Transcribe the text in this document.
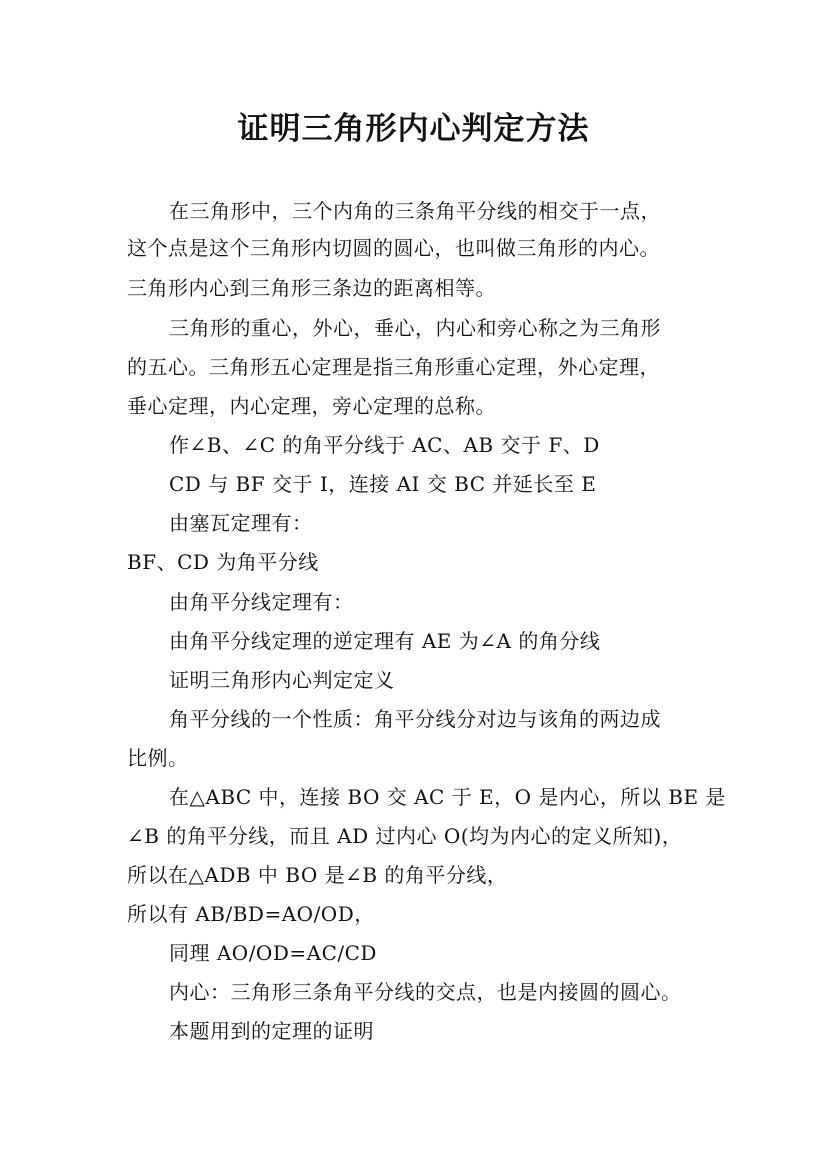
证明三角形内心判定方法
在三角形中，三个内角的三条角平分线的相交于一点，
这个点是这个三角形内切圆的圆心，也叫做三角形的内心。
三角形内心到三角形三条边的距离相等。
三角形的重心，外心，垂心，内心和旁心称之为三角形
的五心。三角形五心定理是指三角形重心定理，外心定理，
垂心定理，内心定理，旁心定理的总称。
作∠B、∠C 的角平分线于 AC、AB 交于 F、D
CD 与 BF 交于 I，连接 AI 交 BC 并延长至 E
由塞瓦定理有：
BF、CD 为角平分线
由角平分线定理有：
由角平分线定理的逆定理有 AE 为∠A 的角分线
证明三角形内心判定定义
角平分线的一个性质：角平分线分对边与该角的两边成
比例。
在△ABC 中，连接 BO 交 AC 于 E，O 是内心，所以 BE 是
∠B 的角平分线，而且 AD 过内心 O(均为内心的定义所知)，
所以在△ADB 中 BO 是∠B 的角平分线，
所以有 AB/BD=AO/OD，
同理 AO/OD=AC/CD
内心：三角形三条角平分线的交点，也是内接圆的圆心。
本题用到的定理的证明
